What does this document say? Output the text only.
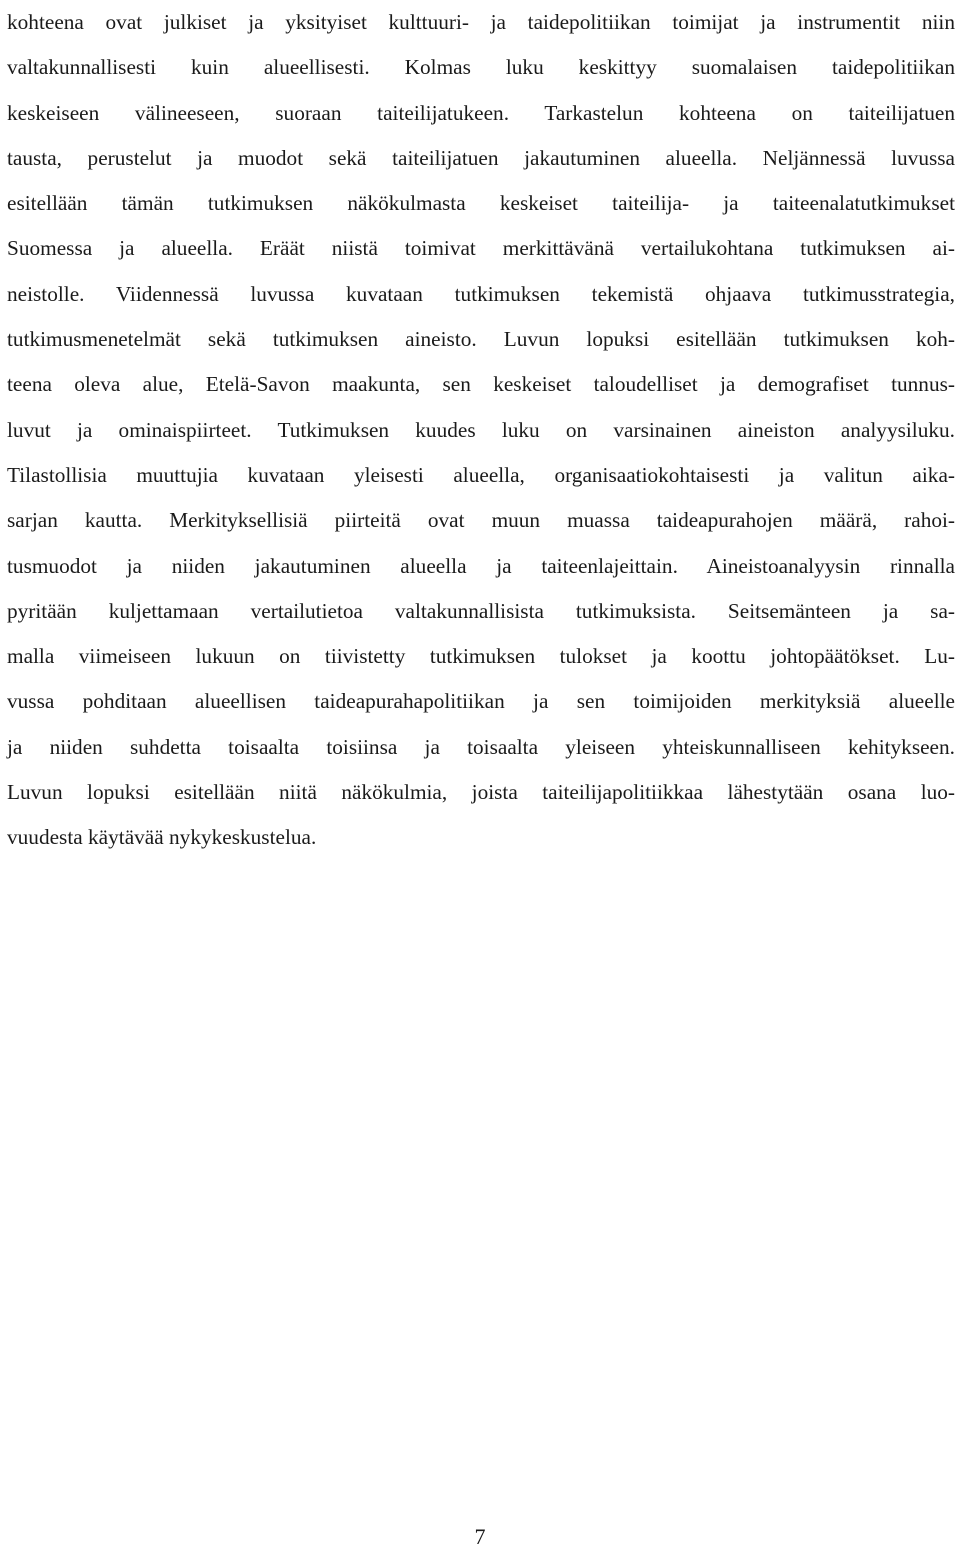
kohteena ovat julkiset ja yksityiset kulttuuri- ja taidepolitiikan toimijat ja instrumentit niin
valtakunnallisesti kuin alueellisesti. Kolmas luku keskittyy suomalaisen taidepolitiikan
keskeiseen välineeseen, suoraan taiteilijatukeen. Tarkastelun kohteena on taiteilijatuen
tausta, perustelut ja muodot sekä taiteilijatuen jakautuminen alueella. Neljännessä luvussa
esitellään tämän tutkimuksen näkökulmasta keskeiset taiteilija- ja taiteenalatutkimukset
Suomessa ja alueella. Eräät niistä toimivat merkittävänä vertailukohtana tutkimuksen ai-
neistolle. Viidennessä luvussa kuvataan tutkimuksen tekemistä ohjaava tutkimusstrategia,
tutkimusmenetelmät sekä tutkimuksen aineisto. Luvun lopuksi esitellään tutkimuksen koh-
teena oleva alue, Etelä-Savon maakunta, sen keskeiset taloudelliset ja demografiset tunnus-
luvut ja ominaispiirteet. Tutkimuksen kuudes luku on varsinainen aineiston analyysiluku.
Tilastollisia muuttujia kuvataan yleisesti alueella, organisaatiokohtaisesti ja valitun aika-
sarjan kautta. Merkityksellisiä piirteitä ovat muun muassa taideapurahojen määrä, rahoi-
tusmuodot ja niiden jakautuminen alueella ja taiteenlajeittain. Aineistoanalyysin rinnalla
pyritään kuljettamaan vertailutietoa valtakunnallisista tutkimuksista. Seitsemänteen ja sa-
malla viimeiseen lukuun on tiivistetty tutkimuksen tulokset ja koottu johtopäätökset. Lu-
vussa pohditaan alueellisen taideapurahapolitiikan ja sen toimijoiden merkityksiä alueelle
ja niiden suhdetta toisaalta toisiinsa ja toisaalta yleiseen yhteiskunnalliseen kehitykseen.
Luvun lopuksi esitellään niitä näkökulmia, joista taiteilijapolitiikkaa lähestytään osana luo-
vuudesta käytävää nykykeskustelua.
7
